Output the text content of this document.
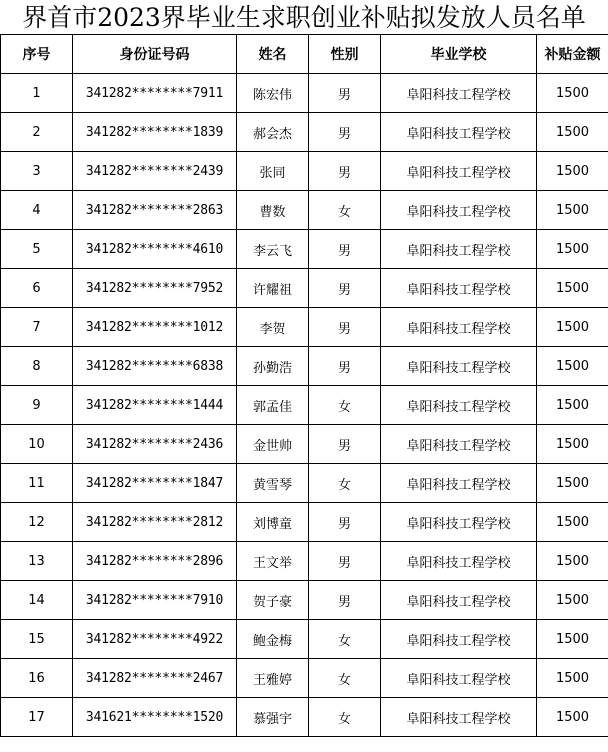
界首市2023界毕业生求职创业补贴拟发放人员名单
序号	身份证号码	姓名	性别	毕业学校	补贴金额
1	341282********7911	陈宏伟	男	阜阳科技工程学校	1500
2	341282********1839	郝会杰	男	阜阳科技工程学校	1500
3	341282********2439	张同	男	阜阳科技工程学校	1500
4	341282********2863	曹数	女	阜阳科技工程学校	1500
5	341282********4610	李云飞	男	阜阳科技工程学校	1500
6	341282********7952	许耀祖	男	阜阳科技工程学校	1500
7	341282********1012	李贺	男	阜阳科技工程学校	1500
8	341282********6838	孙勤浩	男	阜阳科技工程学校	1500
9	341282********1444	郭孟佳	女	阜阳科技工程学校	1500
10	341282********2436	金世帅	男	阜阳科技工程学校	1500
11	341282********1847	黄雪琴	女	阜阳科技工程学校	1500
12	341282********2812	刘博童	男	阜阳科技工程学校	1500
13	341282********2896	王文举	男	阜阳科技工程学校	1500
14	341282********7910	贺子豪	男	阜阳科技工程学校	1500
15	341282********4922	鲍金梅	女	阜阳科技工程学校	1500
16	341282********2467	王雅婷	女	阜阳科技工程学校	1500
17	341621********1520	慕强宇	女	阜阳科技工程学校	1500
